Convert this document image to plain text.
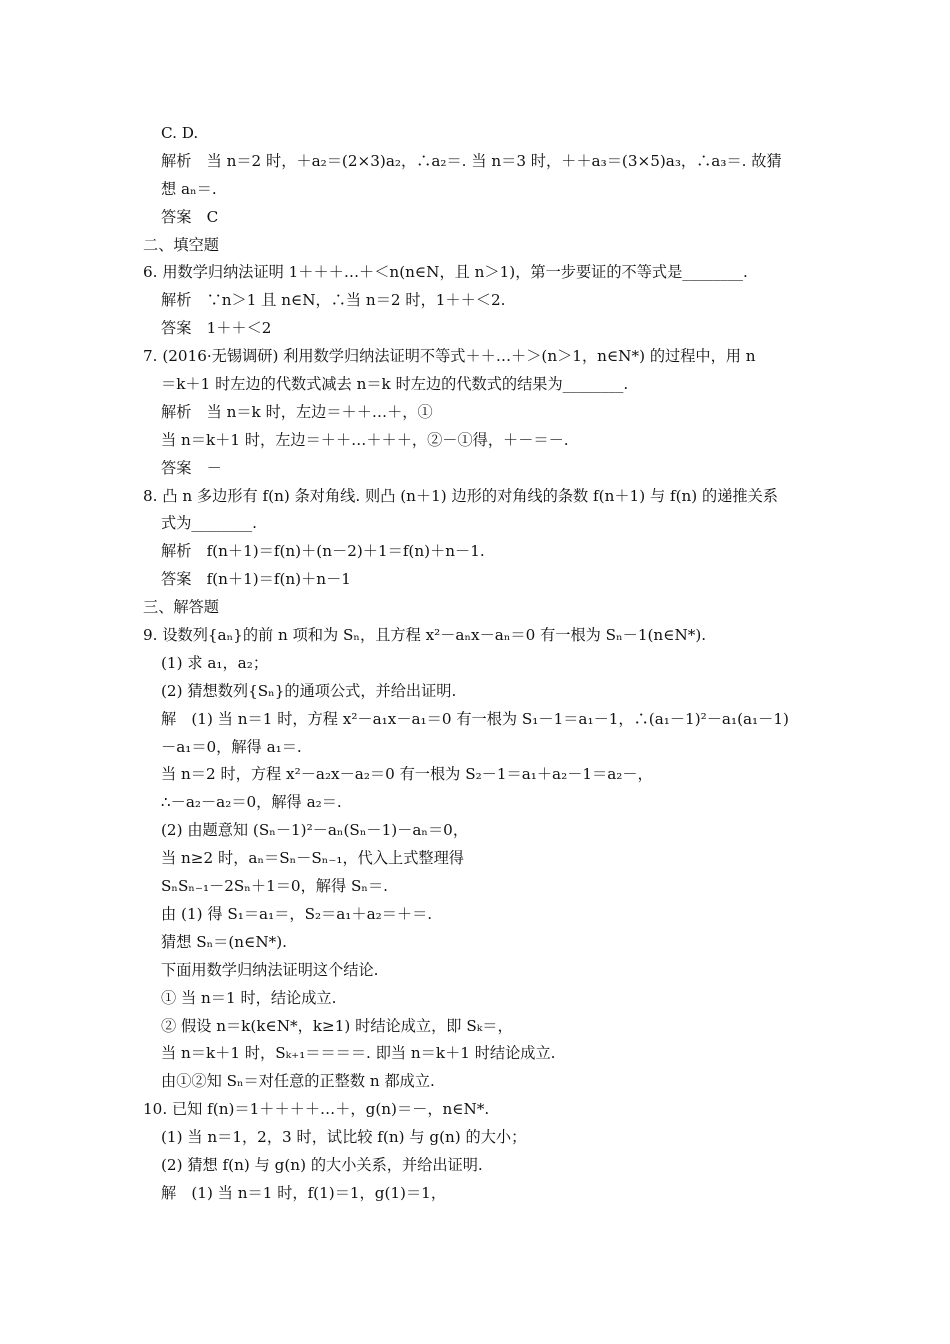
C. D.
解析　当 n＝2 时，＋a₂＝(2×3)a₂，∴a₂＝. 当 n＝3 时，＋＋a₃＝(3×5)a₃，∴a₃＝. 故猜
想 aₙ＝.
答案　C
二、填空题
6. 用数学归纳法证明 1＋＋＋…＋＜n(n∈N，且 n＞1)，第一步要证的不等式是________.
解析　∵n＞1 且 n∈N，∴当 n＝2 时，1＋＋＜2.
答案　1＋＋＜2
7. (2016·无锡调研) 利用数学归纳法证明不等式＋＋…＋＞(n＞1，n∈N*) 的过程中，用 n
＝k＋1 时左边的代数式减去 n＝k 时左边的代数式的结果为________.
解析　当 n＝k 时，左边＝＋＋…＋，①
当 n＝k＋1 时，左边＝＋＋…＋＋＋，②－①得，＋－＝－.
答案　－
8. 凸 n 多边形有 f(n) 条对角线. 则凸 (n＋1) 边形的对角线的条数 f(n＋1) 与 f(n) 的递推关系
式为________.
解析　f(n＋1)＝f(n)＋(n－2)＋1＝f(n)＋n－1.
答案　f(n＋1)＝f(n)＋n－1
三、解答题
9. 设数列{aₙ}的前 n 项和为 Sₙ，且方程 x²－aₙx－aₙ＝0 有一根为 Sₙ－1(n∈N*).
(1) 求 a₁，a₂；
(2) 猜想数列{Sₙ}的通项公式，并给出证明.
解　(1) 当 n＝1 时，方程 x²－a₁x－a₁＝0 有一根为 S₁－1＝a₁－1，∴(a₁－1)²－a₁(a₁－1)
－a₁＝0，解得 a₁＝.
当 n＝2 时，方程 x²－a₂x－a₂＝0 有一根为 S₂－1＝a₁＋a₂－1＝a₂－，
∴－a₂－a₂＝0，解得 a₂＝.
(2) 由题意知 (Sₙ－1)²－aₙ(Sₙ－1)－aₙ＝0，
当 n≥2 时，aₙ＝Sₙ－Sₙ₋₁，代入上式整理得
SₙSₙ₋₁－2Sₙ＋1＝0，解得 Sₙ＝.
由 (1) 得 S₁＝a₁＝，S₂＝a₁＋a₂＝＋＝.
猜想 Sₙ＝(n∈N*).
下面用数学归纳法证明这个结论.
① 当 n＝1 时，结论成立.
② 假设 n＝k(k∈N*，k≥1) 时结论成立，即 Sₖ＝，
当 n＝k＋1 时，Sₖ₊₁＝＝＝＝. 即当 n＝k＋1 时结论成立.
由①②知 Sₙ＝对任意的正整数 n 都成立.
10. 已知 f(n)＝1＋＋＋＋…＋，g(n)＝－，n∈N*.
(1) 当 n＝1，2，3 时，试比较 f(n) 与 g(n) 的大小；
(2) 猜想 f(n) 与 g(n) 的大小关系，并给出证明.
解　(1) 当 n＝1 时，f(1)＝1，g(1)＝1，
